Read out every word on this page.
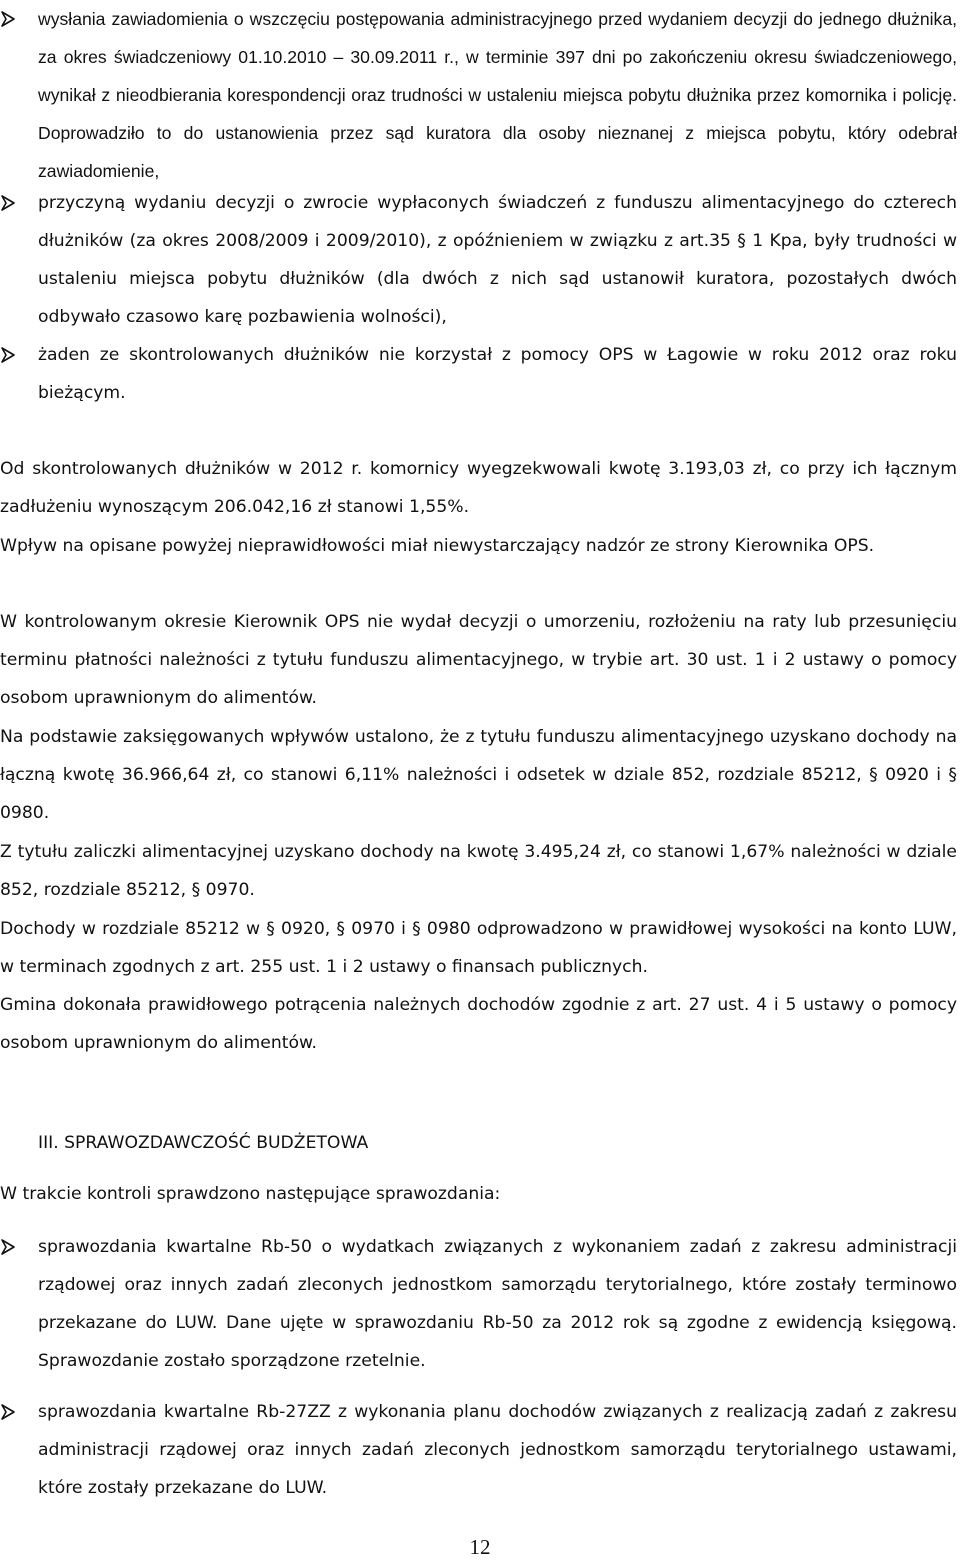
wysłania zawiadomienia o wszczęciu postępowania administracyjnego przed wydaniem decyzji do jednego dłużnika, za okres świadczeniowy 01.10.2010 – 30.09.2011 r., w terminie 397 dni po zakończeniu okresu świadczeniowego, wynikał z nieodbierania korespondencji oraz trudności w ustaleniu miejsca pobytu dłużnika przez komornika i policję. Doprowadziło to do ustanowienia przez sąd kuratora dla osoby nieznanej z miejsca pobytu, który odebrał zawiadomienie,

przyczyną wydaniu decyzji o zwrocie wypłaconych świadczeń z funduszu alimentacyjnego do czterech dłużników (za okres 2008/2009 i 2009/2010), z opóźnieniem w związku z art.35 § 1 Kpa, były trudności w ustaleniu miejsca pobytu dłużników (dla dwóch z nich sąd ustanowił kuratora, pozostałych dwóch odbywało czasowo karę pozbawienia wolności),

żaden ze skontrolowanych dłużników nie korzystał z pomocy OPS w Łagowie w roku 2012 oraz roku bieżącym.

Od skontrolowanych dłużników w 2012 r. komornicy wyegzekwowali kwotę 3.193,03 zł, co przy ich łącznym zadłużeniu wynoszącym 206.042,16 zł stanowi 1,55%.

Wpływ na opisane powyżej nieprawidłowości miał niewystarczający nadzór ze strony Kierownika OPS.

W kontrolowanym okresie Kierownik OPS nie wydał decyzji o umorzeniu, rozłożeniu na raty lub przesunięciu terminu płatności należności z tytułu funduszu alimentacyjnego, w trybie art. 30 ust. 1 i 2 ustawy o pomocy osobom uprawnionym do alimentów.

Na podstawie zaksięgowanych wpływów ustalono, że z tytułu funduszu alimentacyjnego uzyskano dochody na łączną kwotę 36.966,64 zł, co stanowi 6,11% należności i odsetek w dziale 852, rozdziale 85212, § 0920 i § 0980.

Z tytułu zaliczki alimentacyjnej uzyskano dochody na kwotę 3.495,24 zł, co stanowi 1,67% należności w dziale 852, rozdziale 85212, § 0970.

Dochody w rozdziale 85212 w § 0920, § 0970 i § 0980 odprowadzono w prawidłowej wysokości na konto LUW, w terminach zgodnych z art. 255 ust. 1 i 2 ustawy o finansach publicznych.

Gmina dokonała prawidłowego potrącenia należnych dochodów zgodnie z art. 27 ust. 4 i 5 ustawy o pomocy osobom uprawnionym do alimentów.

III. SPRAWOZDAWCZOŚĆ BUDŻETOWA

W trakcie kontroli sprawdzono następujące sprawozdania:

sprawozdania kwartalne Rb-50 o wydatkach związanych z wykonaniem zadań z zakresu administracji rządowej oraz innych zadań zleconych jednostkom samorządu terytorialnego, które zostały terminowo przekazane do LUW. Dane ujęte w sprawozdaniu Rb-50 za 2012 rok są zgodne z ewidencją księgową. Sprawozdanie zostało sporządzone rzetelnie.

sprawozdania kwartalne Rb-27ZZ z wykonania planu dochodów związanych z realizacją zadań z zakresu administracji rządowej oraz innych zadań zleconych jednostkom samorządu terytorialnego ustawami, które zostały przekazane do LUW.

12
